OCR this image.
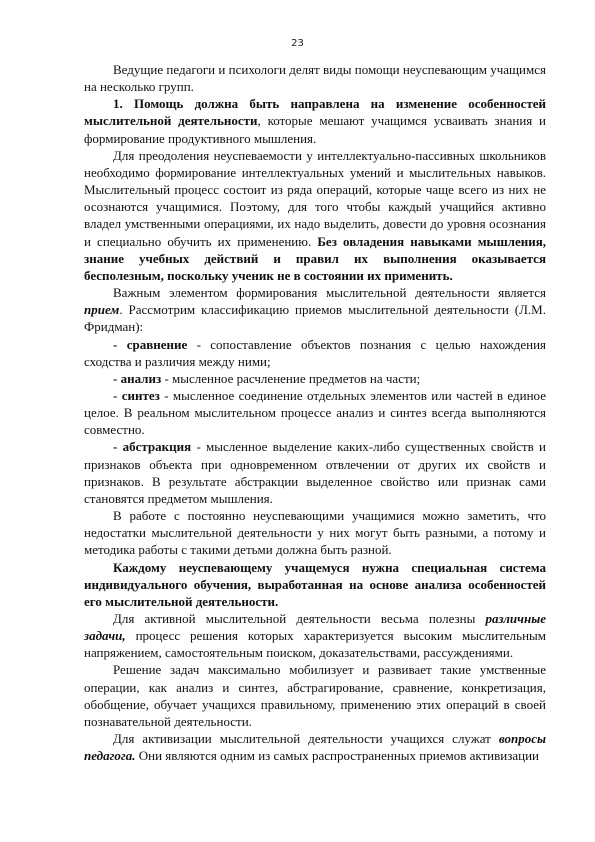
23

Ведущие педагоги и психологи делят виды помощи неуспевающим учащимся на несколько групп.

1. Помощь должна быть направлена на изменение особенностей мыслительной деятельности, которые мешают учащимся усваивать знания и формирование продуктивного мышления.

Для преодоления неуспеваемости у интеллектуально-пассивных школьников необходимо формирование интеллектуальных умений и мыслительных навыков. Мыслительный процесс состоит из ряда операций, которые чаще всего из них не осознаются учащимися. Поэтому, для того чтобы каждый учащийся активно владел умственными операциями, их надо выделить, довести до уровня осознания и специально обучить их применению. Без овладения навыками мышления, знание учебных действий и правил их выполнения оказывается бесполезным, поскольку ученик не в состоянии их применить.

Важным элементом формирования мыслительной деятельности является прием. Рассмотрим классификацию приемов мыслительной деятельности (Л.М. Фридман):

- сравнение - сопоставление объектов познания с целью нахождения сходства и различия между ними;

- анализ - мысленное расчленение предметов на части;

- синтез - мысленное соединение отдельных элементов или частей в единое целое. В реальном мыслительном процессе анализ и синтез всегда выполняются совместно.

- абстракция - мысленное выделение каких-либо существенных свойств и признаков объекта при одновременном отвлечении от других их свойств и признаков. В результате абстракции выделенное свойство или признак сами становятся предметом мышления.

В работе с постоянно неуспевающими учащимися можно заметить, что недостатки мыслительной деятельности у них могут быть разными, а потому и методика работы с такими детьми должна быть разной.

Каждому неуспевающему учащемуся нужна специальная система индивидуального обучения, выработанная на основе анализа особенностей его мыслительной деятельности.

Для активной мыслительной деятельности весьма полезны различные задачи, процесс решения которых характеризуется высоким мыслительным напряжением, самостоятельным поиском, доказательствами, рассуждениями.

Решение задач максимально мобилизует и развивает такие умственные операции, как анализ и синтез, абстрагирование, сравнение, конкретизация, обобщение, обучает учащихся правильному, применению этих операций в своей познавательной деятельности.

Для активизации мыслительной деятельности учащихся служат вопросы педагога. Они являются одним из самых распространенных приемов активизации
